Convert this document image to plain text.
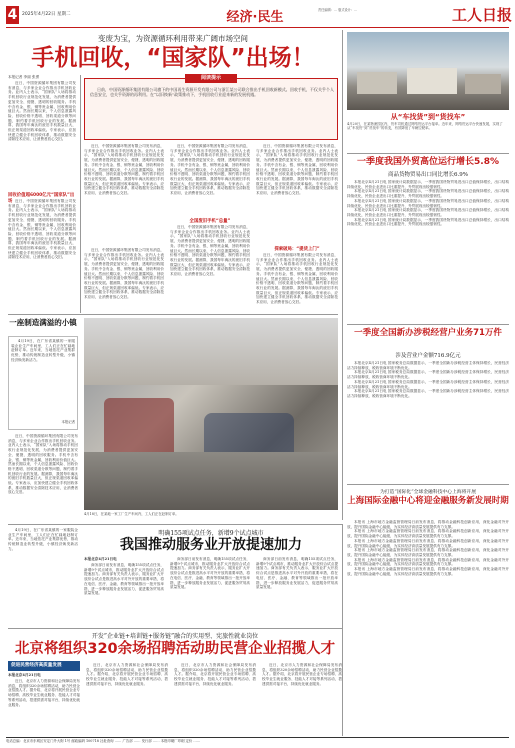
4	2025年4月22日 星期二	经济·民生	责任编辑：… 版式设计：…	工人日报
变废为宝，为资源循环利用带来广阔市场空间
手机回收，“国家队”出场！
本报记者 李丽 张勇

近日，中国资源循环集团有限公司发布消息，与多家企业合作推出手机回收业务。业内人士表示，“国家队”入场将推动手机回收行业规范化发展，为消费者提供更加安全、便捷、透明的回收服务。手机中含有金、银、铜等贵金属，回收利用价值巨大。然而长期以来，个人信息泄露风险、回收价格不透明、回收渠道分散等问题，制约着手机回收行业的发展。据测算，我国每年淘汰的废旧手机数量巨大，但正规渠道回收率偏低。专家表示，应加快建立健全手机回收体系，推动数据安全清除技术应用，让消费者放心交旧。

回收价值超6000亿元“国家队”出场 近日，中国资源循环集团有限公司发布消息，与多家企业合作推出手机回收业务。业内人士表示，“国家队”入场将推动手机回收行业规范化发展，为消费者提供更加安全、便捷、透明的回收服务。手机中含有金、银、铜等贵金属，回收利用价值巨大。然而长期以来，个人信息泄露风险、回收价格不透明、回收渠道分散等问题，制约着手机回收行业的发展。据测算，我国每年淘汰的废旧手机数量巨大，但正规渠道回收率偏低。专家表示，应加快建立健全手机回收体系，推动数据安全清除技术应用，让消费者放心交旧。

阅读提示

日前，中国资源循环集团有限公司旗下的中国再生资源开发有限公司与浙江某公司联合推出手机回收新模式。回收手机，不仅关乎个人信息安全，也关乎资源的再利用。在“以旧换新”政策推动下，手机回收行业迎来新的发展机遇。

近日，中国资源循环集团有限公司发布消息，与多家企业合作推出手机回收业务。业内人士表示，“国家队”入场将推动手机回收行业规范化发展，为消费者提供更加安全、便捷、透明的回收服务。手机中含有金、银、铜等贵金属，回收利用价值巨大。然而长期以来，个人信息泄露风险、回收价格不透明、回收渠道分散等问题，制约着手机回收行业的发展。据测算，我国每年淘汰的废旧手机数量巨大，但正规渠道回收率偏低。专家表示，应加快建立健全手机回收体系，推动数据安全清除技术应用，让消费者放心交旧。

近日，中国资源循环集团有限公司发布消息，与多家企业合作推出手机回收业务。业内人士表示，“国家队”入场将推动手机回收行业规范化发展，为消费者提供更加安全、便捷、透明的回收服务。手机中含有金、银、铜等贵金属，回收利用价值巨大。然而长期以来，个人信息泄露风险、回收价格不透明、回收渠道分散等问题，制约着手机回收行业的发展。据测算，我国每年淘汰的废旧手机数量巨大，但正规渠道回收率偏低。专家表示，应加快建立健全手机回收体系，推动数据安全清除技术应用，让消费者放心交旧。

全国废旧手机“总量”

近日，中国资源循环集团有限公司发布消息，与多家企业合作推出手机回收业务。业内人士表示，“国家队”入场将推动手机回收行业规范化发展，为消费者提供更加安全、便捷、透明的回收服务。手机中含有金、银、铜等贵金属，回收利用价值巨大。然而长期以来，个人信息泄露风险、回收价格不透明、回收渠道分散等问题，制约着手机回收行业的发展。据测算，我国每年淘汰的废旧手机数量巨大，但正规渠道回收率偏低。专家表示，应加快建立健全手机回收体系，推动数据安全清除技术应用，让消费者放心交旧。

近日，中国资源循环集团有限公司发布消息，与多家企业合作推出手机回收业务。业内人士表示，“国家队”入场将推动手机回收行业规范化发展，为消费者提供更加安全、便捷、透明的回收服务。手机中含有金、银、铜等贵金属，回收利用价值巨大。然而长期以来，个人信息泄露风险、回收价格不透明、回收渠道分散等问题，制约着手机回收行业的发展。据测算，我国每年淘汰的废旧手机数量巨大，但正规渠道回收率偏低。专家表示，应加快建立健全手机回收体系，推动数据安全清除技术应用，让消费者放心交旧。

探索破局：“提货上门”

近日，中国资源循环集团有限公司发布消息，与多家企业合作推出手机回收业务。业内人士表示，“国家队”入场将推动手机回收行业规范化发展，为消费者提供更加安全、便捷、透明的回收服务。手机中含有金、银、铜等贵金属，回收利用价值巨大。然而长期以来，个人信息泄露风险、回收价格不透明、回收渠道分散等问题，制约着手机回收行业的发展。据测算，我国每年淘汰的废旧手机数量巨大，但正规渠道回收率偏低。专家表示，应加快建立健全手机回收体系，推动数据安全清除技术应用，让消费者放心交旧。

近日，中国资源循环集团有限公司发布消息，与多家企业合作推出手机回收业务。业内人士表示，“国家队”入场将推动手机回收行业规范化发展，为消费者提供更加安全、便捷、透明的回收服务。手机中含有金、银、铜等贵金属，回收利用价值巨大。然而长期以来，个人信息泄露风险、回收价格不透明、回收渠道分散等问题，制约着手机回收行业的发展。据测算，我国每年淘汰的废旧手机数量巨大，但正规渠道回收率偏低。专家表示，应加快建立健全手机回收体系，推动数据安全清除技术应用，让消费者放心交旧。

一座制造满溢的小镇

4月19日，在广东省某镇的一家服装企业生产车间里，工人们正在忙碌地赶制订单。近年来，当地依托产业集群优势，推动传统制造业转型升级，小镇经济焕发新活力。

本报记者

近日，中国资源循环集团有限公司发布消息，与多家企业合作推出手机回收业务。业内人士表示，“国家队”入场将推动手机回收行业规范化发展，为消费者提供更加安全、便捷、透明的回收服务。手机中含有金、银、铜等贵金属，回收利用价值巨大。然而长期以来，个人信息泄露风险、回收价格不透明、回收渠道分散等问题，制约着手机回收行业的发展。据测算，我国每年淘汰的废旧手机数量巨大，但正规渠道回收率偏低。专家表示，应加快建立健全手机回收体系，推动数据安全清除技术应用，让消费者放心交旧。

4月18日，在某地一家工厂生产车间内，工人们正在赶制订单。
明确155项试点任务，新增9个试点城市
我国推动服务业开放提速加力
本报北京4月21日电

商务部日前发布消息，明确155项试点任务，新增9个试点城市，推动服务业扩大开放综合试点提速加力。商务部有关负责人表示，服务业扩大开放综合试点是推进高水平对外开放的重要举措，将在电信、医疗、金融、教育等领域推出一批开放举措，进一步释放服务业发展活力，促进服务贸易高质量发展。

商务部日前发布消息，明确155项试点任务，新增9个试点城市，推动服务业扩大开放综合试点提速加力。商务部有关负责人表示，服务业扩大开放综合试点是推进高水平对外开放的重要举措，将在电信、医疗、金融、教育等领域推出一批开放举措，进一步释放服务业发展活力，促进服务贸易高质量发展。

商务部日前发布消息，明确155项试点任务，新增9个试点城市，推动服务业扩大开放综合试点提速加力。商务部有关负责人表示，服务业扩大开放综合试点是推进高水平对外开放的重要举措，将在电信、医疗、金融、教育等领域推出一批开放举措，进一步释放服务业发展活力，促进服务贸易高质量发展。

4月19日，在广东省某镇的一家服装企业生产车间里，工人们正在忙碌地赶制订单。近年来，当地依托产业集群优势，推动传统制造业转型升级，小镇经济焕发新活力。

开发”企业链+培训链+服务链”融合的实用型、宪旅性就业岗位
北京将组织320余场招聘活动助民营企业招揽人才
促进民营经济高质量发展
本报北京4月21日电

近日，北京市人力资源和社会保障局发布消息，将组织320余场招聘活动，助力民营企业招揽人才。据介绍，北京将开展民营企业专场招聘、高校毕业生就业服务、技能人才对接等系列活动，搭建供需对接平台，持续优化就业服务。

近日，北京市人力资源和社会保障局发布消息，将组织320余场招聘活动，助力民营企业招揽人才。据介绍，北京将开展民营企业专场招聘、高校毕业生就业服务、技能人才对接等系列活动，搭建供需对接平台，持续优化就业服务。

近日，北京市人力资源和社会保障局发布消息，将组织320余场招聘活动，助力民营企业招揽人才。据介绍，北京将开展民营企业专场招聘、高校毕业生就业服务、技能人才对接等系列活动，搭建供需对接平台，持续优化就业服务。

近日，北京市人力资源和社会保障局发布消息，将组织320余场招聘活动，助力民营企业招揽人才。据介绍，北京将开展民营企业专场招聘、高校毕业生就业服务、技能人才对接等系列活动，搭建供需对接平台，持续优化就业服务。

从“车找货”到“货找车”
4月20日，在某物流园区内，货车司机通过网络货运平台接单。近年来，网络货运平台快速发展，实现了从“车找货”到“货找车”的转变，有效降低了车辆空驶率。
一季度我国外贸高位运行增长5.8%
商品货物贸易出口同比增长6.9%

本报北京4月21日电 国家统计局数据显示，一季度我国货物贸易进出口总值保持增长，出口结构持续优化，民营企业进出口比重提升，外贸展现出较强韧性。

本报北京4月21日电 国家统计局数据显示，一季度我国货物贸易进出口总值保持增长，出口结构持续优化，民营企业进出口比重提升，外贸展现出较强韧性。

本报北京4月21日电 国家统计局数据显示，一季度我国货物贸易进出口总值保持增长，出口结构持续优化，民营企业进出口比重提升，外贸展现出较强韧性。

本报北京4月21日电 国家统计局数据显示，一季度我国货物贸易进出口总值保持增长，出口结构持续优化，民营企业进出口比重提升，外贸展现出较强韧性。

本报北京4月21日电 国家统计局数据显示，一季度我国货物贸易进出口总值保持增长，出口结构持续优化，民营企业进出口比重提升，外贸展现出较强韧性。

一季度全国新办涉税经营户业务71万件
涉及营业户金额716.9亿元

本报北京4月21日电 国家税务总局数据显示，一季度全国新办涉税经营主体保持增长，民营经济活力持续释放，税收营商环境不断优化。

本报北京4月21日电 国家税务总局数据显示，一季度全国新办涉税经营主体保持增长，民营经济活力持续释放，税收营商环境不断优化。

本报北京4月21日电 国家税务总局数据显示，一季度全国新办涉税经营主体保持增长，民营经济活力持续释放，税收营商环境不断优化。

本报北京4月21日电 国家税务总局数据显示，一季度全国新办涉税经营主体保持增长，民营经济活力持续释放，税收营商环境不断优化。

为打造“国际化”全球金融科技中心上海将开展
上海国际金融中心将迎金融服务新发展时期

本报讯 上海市地方金融监督管理局日前发布消息，将推动金融科技创新应用，深化金融对外开放，提升国际金融中心能级，为实体经济高质量发展提供有力支撑。

本报讯 上海市地方金融监督管理局日前发布消息，将推动金融科技创新应用，深化金融对外开放，提升国际金融中心能级，为实体经济高质量发展提供有力支撑。

本报讯 上海市地方金融监督管理局日前发布消息，将推动金融科技创新应用，深化金融对外开放，提升国际金融中心能级，为实体经济高质量发展提供有力支撑。

本报讯 上海市地方金融监督管理局日前发布消息，将推动金融科技创新应用，深化金融对外开放，提升国际金融中心能级，为实体经济高质量发展提供有力支撑。

本报讯 上海市地方金融监督管理局日前发布消息，将推动金融科技创新应用，深化金融对外开放，提升国际金融中心能级，为实体经济高质量发展提供有力支撑。

本报讯 上海市地方金融监督管理局日前发布消息，将推动金融科技创新应用，深化金融对外开放，提升国际金融中心能级，为实体经济高质量发展提供有力支撑。

电话总编：北京市东城区安定门外大街 1号 邮政编码 100718 社址查询 …… 广告部 …… 发行部 …… 本报印刷厂印刷 定价 ……
